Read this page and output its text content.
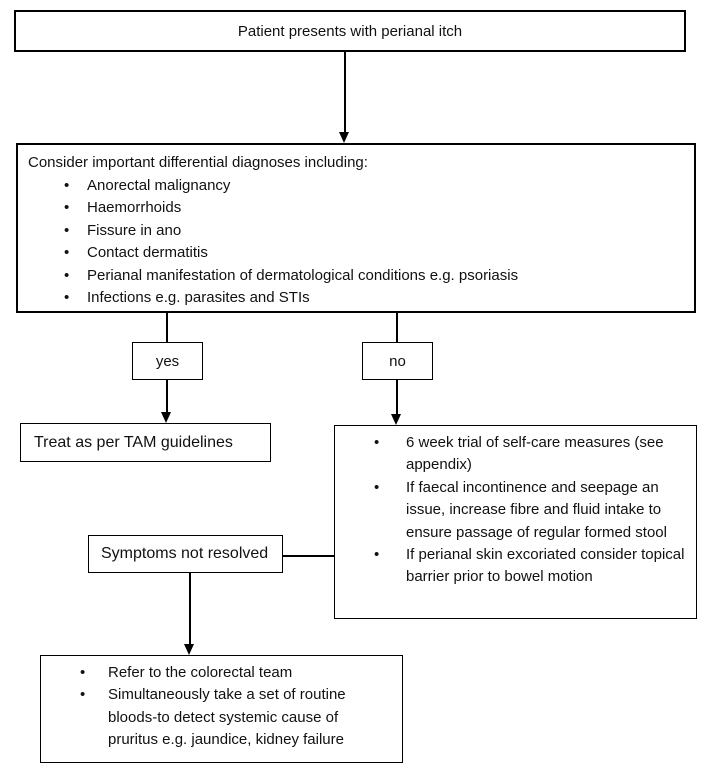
Patient presents with perianal itch
Consider important differential diagnoses including:
• Anorectal malignancy
• Haemorrhoids
• Fissure in ano
• Contact dermatitis
• Perianal manifestation of dermatological conditions e.g. psoriasis
• Infections e.g. parasites and STIs
yes	no
Treat as per TAM guidelines	• 6 week trial of self-care measures (see appendix)
• If faecal incontinence and seepage an issue, increase fibre and fluid intake to ensure passage of regular formed stool
• If perianal skin excoriated consider topical barrier prior to bowel motion
Symptoms not resolved
• Refer to the colorectal team
• Simultaneously take a set of routine bloods-to detect systemic cause of pruritus e.g. jaundice, kidney failure
